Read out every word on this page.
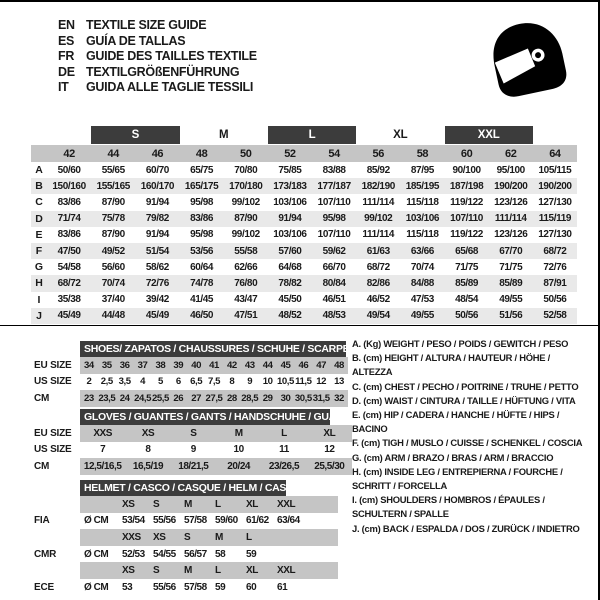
EN TEXTILE SIZE GUIDE
ES GUÍA DE TALLAS
FR GUIDE DES TAILLES TEXTILE
DE TEXTILGRÖßENFÜHRUNG
IT	GUIDA ALLE TAGLIE TESSILI
S	M	L	XL	XXL
42	44	46	48	50	52	54	56	58	60	62	64
A	50/60	55/65	60/70	65/75	70/80	75/85	83/88	85/92	87/95	90/100	95/100	105/115
B 150/160	155/165	160/170	165/175	170/180	173/183	177/187	182/190	185/195	187/198	190/200	190/200
C	83/86	87/90	91/94	95/98	99/102	103/106	107/110	111/114	115/118	119/122	123/126	127/130
D	71/74	75/78	79/82	83/86	87/90	91/94	95/98	99/102	103/106	107/110	111/114	115/119
E	83/86	87/90	91/94	95/98	99/102	103/106	107/110	111/114	115/118	119/122	123/126	127/130
F	47/50	49/52	51/54	53/56	55/58	57/60	59/62	61/63	63/66	65/68	67/70	68/72
G	54/58	56/60	58/62	60/64	62/66	64/68	66/70	68/72	70/74	71/75	71/75	72/76
H	68/72	70/74	72/76	74/78	76/80	78/82	80/84	82/86	84/88	85/89	85/89	87/91
I	35/38	37/40	39/42	41/45	43/47	45/50	46/51	46/52	47/53	48/54	49/55	50/56
J	45/49	44/48	45/49	46/50	47/51	48/52	48/53	49/54	49/55	50/56	51/56	52/58
SHOES/ ZAPATOS / CHAUSSURES / SCHUHE / SCARPE
EU SIZE	34 35 36 37 38 39 40 41 42 43 44 45 46 47 48
US SIZE	2 2,5 3,5 4	5	6 6,5 7,5 8	9	10 10,5 11,5 12 13
CM	23 23,5 24 24,5 25,5 26 27 27,5 28 28,5 29 30 30,5 31,5 32
GLOVES / GUANTES / GANTS / HANDSCHUHE / GUANTI
EU SIZE	XXS	XS	S	M	L	XL
US SIZE	7	8	9	10	11	12
CM	12,5/16,5	16,5/19	18/21,5	20/24	23/26,5	25,5/30
HELMET / CASCO / CASQUE / HELM / CASCO
XS	S	M	L	XL	XXL
FIA	Ø CM	53/54 55/56 57/58 59/60 61/62 63/64
XXS	XS	S	M	L
CMR	Ø CM	52/53 54/55 56/57 58	59
XS	S	M	L	XL	XXL
ECE	Ø CM	53	55/56 57/58 59	60	61
A. (Kg) WEIGHT / PESO / POIDS / GEWITCH / PESO
B. (cm) HEIGHT / ALTURA / HAUTEUR / HÖHE / ALTEZZA
C. (cm) CHEST / PECHO / POITRINE / TRUHE / PETTO
D. (cm) WAIST / CINTURA / TAILLE / HÜFTUNG / VITA
E. (cm) HIP / CADERA / HANCHE / HÜFTE / HIPS / BACINO
F. (cm) TIGH / MUSLO / CUISSE / SCHENKEL / COSCIA
G. (cm) ARM / BRAZO / BRAS / ARM / BRACCIO
H. (cm) INSIDE LEG / ENTREPIERNA / FOURCHE / SCHRITT / FORCELLA
I. (cm) SHOULDERS / HOMBROS / ÉPAULES / SCHULTERN / SPALLE
J. (cm) BACK / ESPALDA / DOS / ZURÜCK / INDIETRO
